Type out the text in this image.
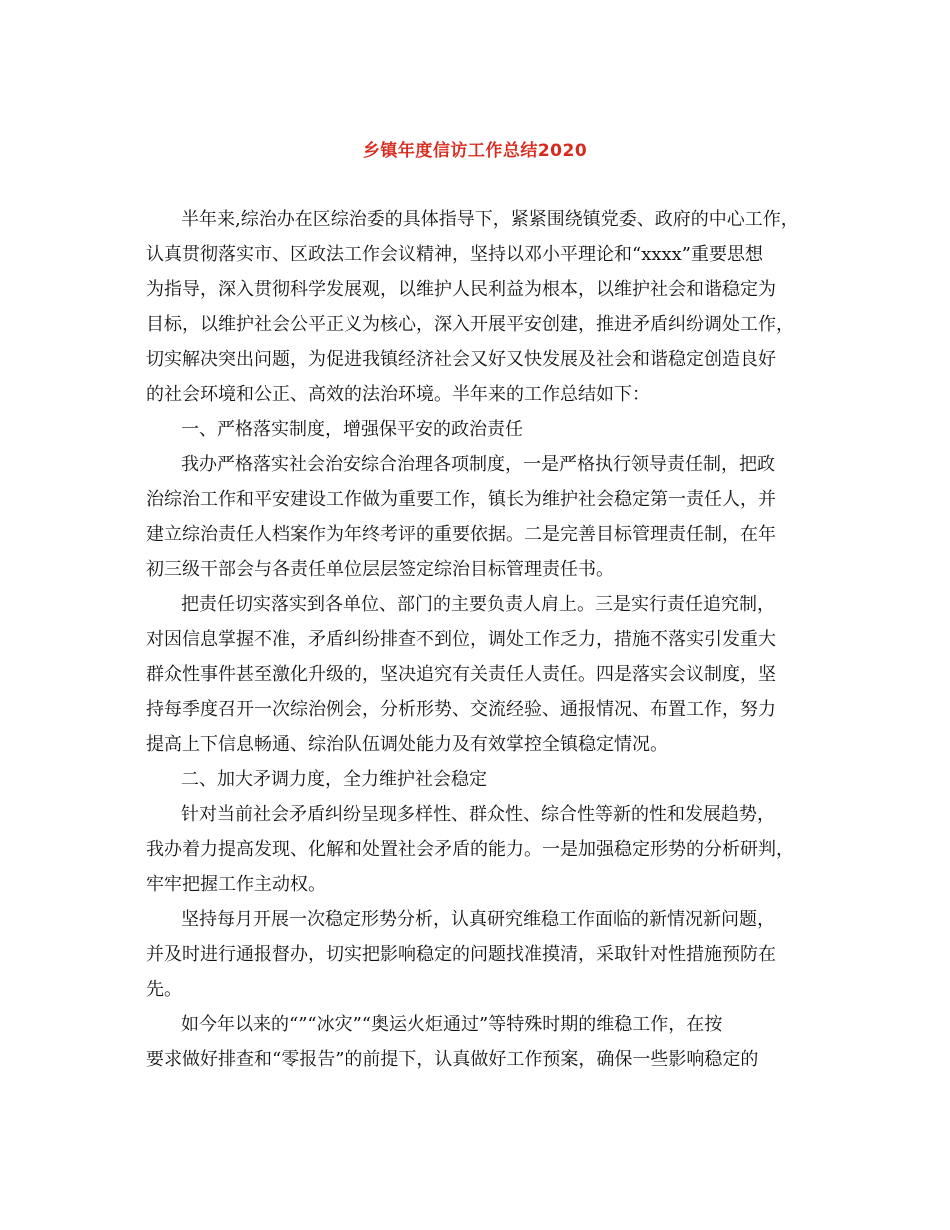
乡镇年度信访工作总结2020
半年来,综治办在区综治委的具体指导下，紧紧围绕镇党委、政府的中心工作，
认真贯彻落实市、区政法工作会议精神，坚持以邓小平理论和“xxxx”重要思想
为指导，深入贯彻科学发展观，以维护人民利益为根本，以维护社会和谐稳定为
目标，以维护社会公平正义为核心，深入开展平安创建，推进矛盾纠纷调处工作，
切实解决突出问题，为促进我镇经济社会又好又快发展及社会和谐稳定创造良好
的社会环境和公正、高效的法治环境。半年来的工作总结如下：
一、严格落实制度，增强保平安的政治责任
我办严格落实社会治安综合治理各项制度，一是严格执行领导责任制，把政
治综治工作和平安建设工作做为重要工作，镇长为维护社会稳定第一责任人，并
建立综治责任人档案作为年终考评的重要依据。二是完善目标管理责任制，在年
初三级干部会与各责任单位层层签定综治目标管理责任书。
把责任切实落实到各单位、部门的主要负责人肩上。三是实行责任追究制，
对因信息掌握不准，矛盾纠纷排查不到位，调处工作乏力，措施不落实引发重大
群众性事件甚至激化升级的，坚决追究有关责任人责任。四是落实会议制度，坚
持每季度召开一次综治例会，分析形势、交流经验、通报情况、布置工作，努力
提高上下信息畅通、综治队伍调处能力及有效掌控全镇稳定情况。
二、加大矛调力度，全力维护社会稳定
针对当前社会矛盾纠纷呈现多样性、群众性、综合性等新的性和发展趋势，
我办着力提高发现、化解和处置社会矛盾的能力。一是加强稳定形势的分析研判，
牢牢把握工作主动权。
坚持每月开展一次稳定形势分析，认真研究维稳工作面临的新情况新问题，
并及时进行通报督办，切实把影响稳定的问题找准摸清，采取针对性措施预防在
先。
如今年以来的“”“冰灾”“奥运火炬通过”等特殊时期的维稳工作，在按
要求做好排查和“零报告”的前提下，认真做好工作预案，确保一些影响稳定的
